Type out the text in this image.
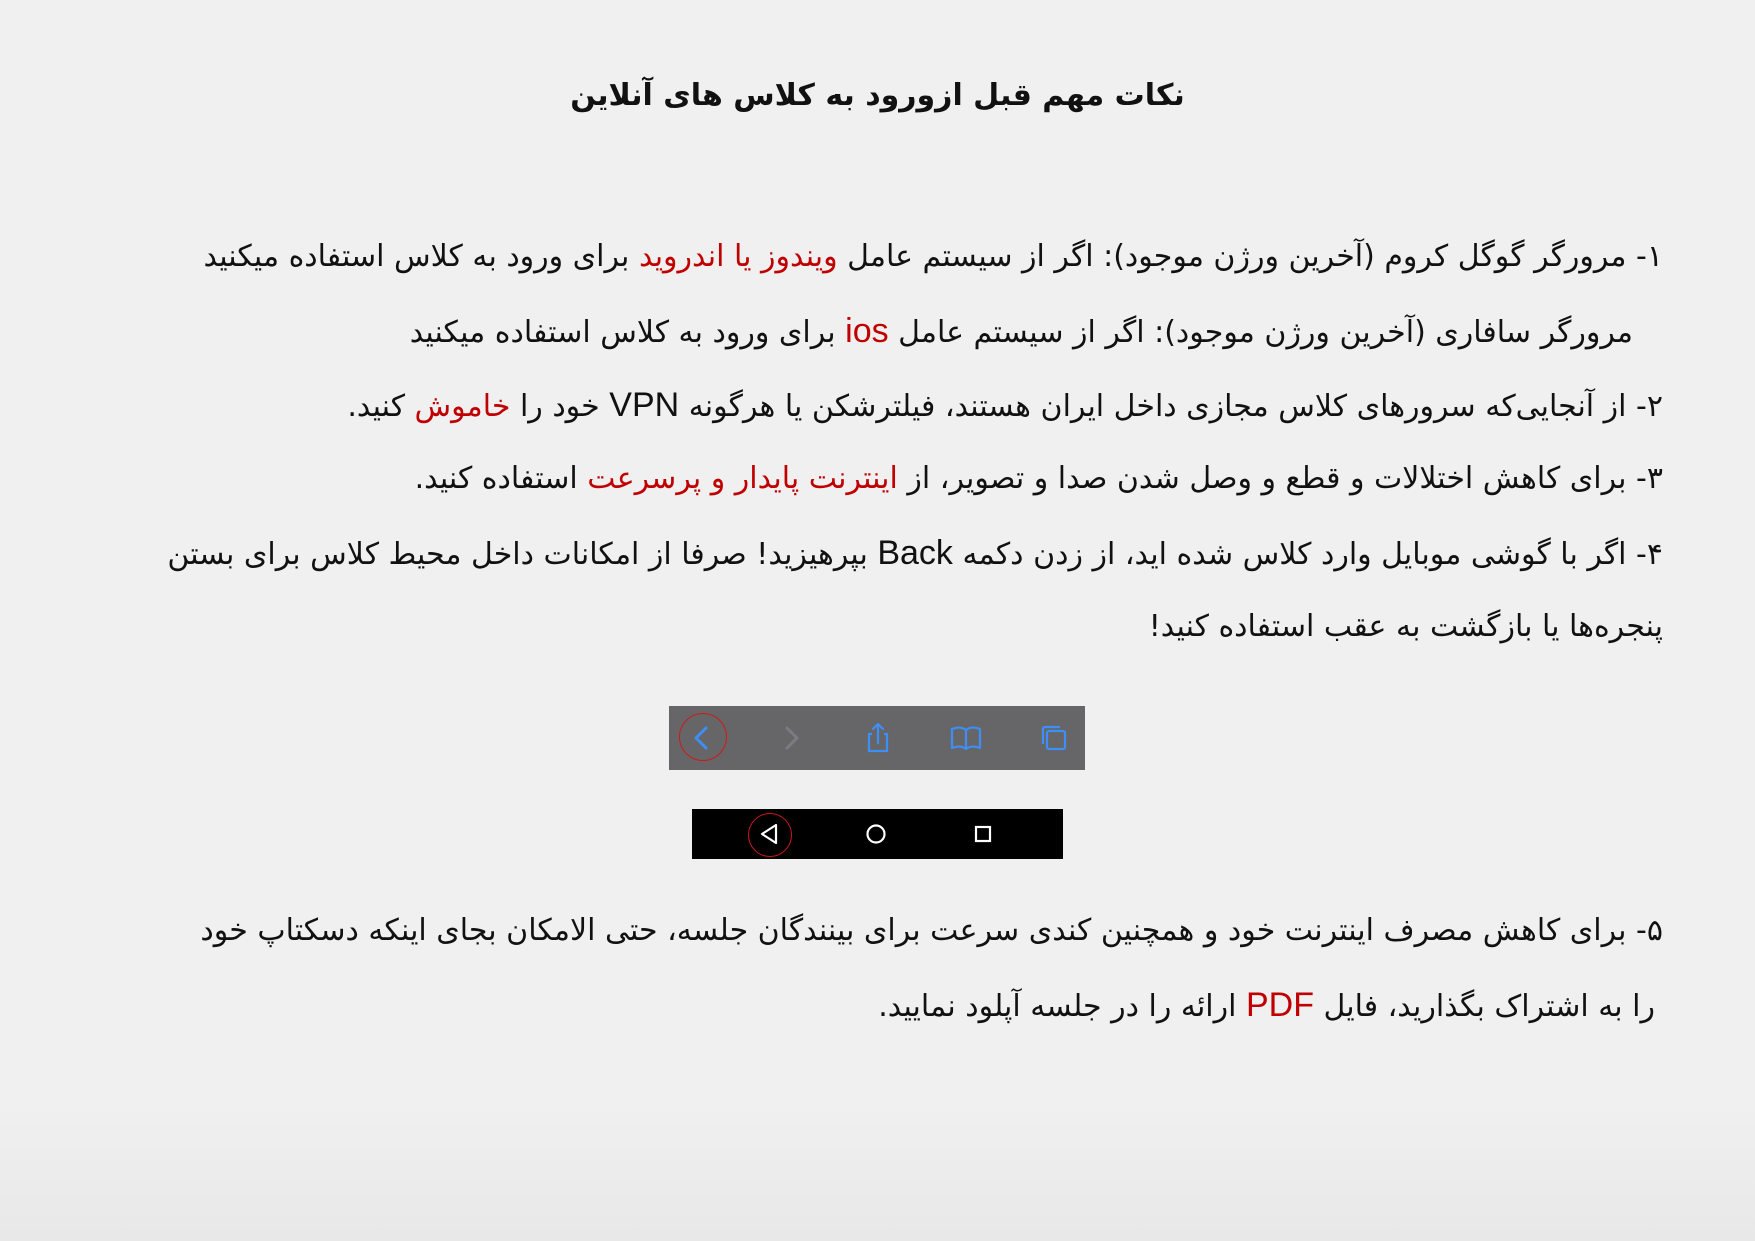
نکات مهم قبل ازورود به کلاس های آنلاین
۱- مرورگر گوگل کروم (آخرین ورژن موجود): اگر از سیستم عامل ویندوز یا اندروید برای ورود به کلاس استفاده میکنید
مرورگر سافاری (آخرین ورژن موجود): اگر از سیستم عامل ios برای ورود به کلاس استفاده میکنید
۲- از آنجایی‌که سرورهای کلاس مجازی داخل ایران هستند، فیلترشکن یا هرگونه VPN خود را خاموش کنید.
۳- برای کاهش اختلالات و قطع و وصل شدن صدا و تصویر، از اینترنت پایدار و پرسرعت استفاده کنید.
۴- اگر با گوشی موبایل وارد کلاس شده اید، از زدن دکمه Back بپرهیزید! صرفا از امکانات داخل محیط کلاس برای بستن
پنجره‌ها یا بازگشت به عقب استفاده کنید!
۵- برای کاهش مصرف اینترنت خود و همچنین کندی سرعت برای بینندگان جلسه، حتی الامکان بجای اینکه دسکتاپ خود
را به اشتراک بگذارید، فایل PDF ارائه را در جلسه آپلود نمایید.
